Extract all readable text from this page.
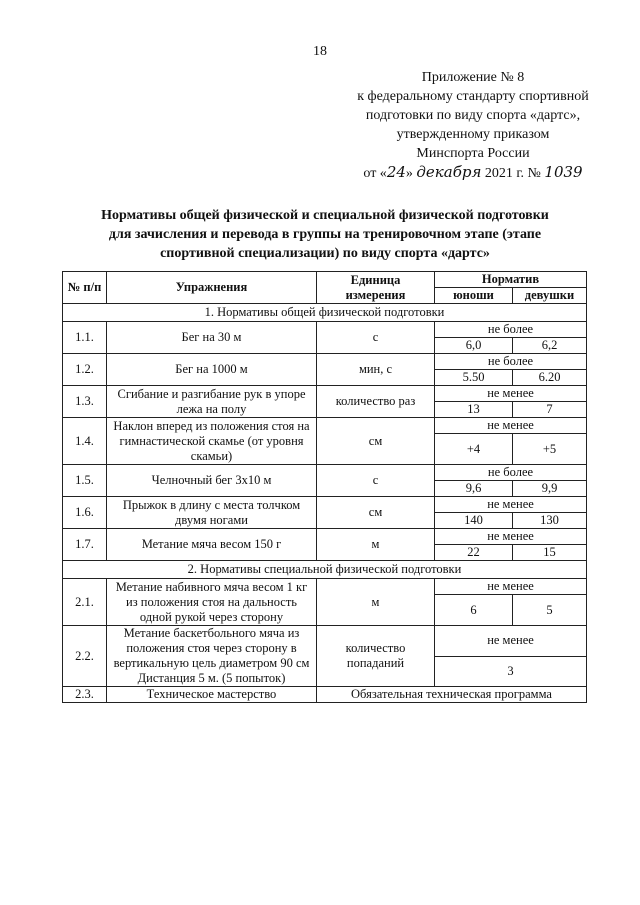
18
Приложение № 8
к федеральному стандарту спортивной
подготовки по виду спорта «дартс»,
утвержденному приказом
Минспорта России
от «24» декабря 2021 г. № 1039
Нормативы общей физической и специальной физической подготовки
для зачисления и перевода в группы на тренировочном этапе (этапе
спортивной специализации) по виду спорта «дартс»
№ п/п	Упражнения	Единица измерения	Норматив	
			юноши	девушки
1. Нормативы общей физической подготовки				
1.1.	Бег на 30 м	с	не более	
			6,0	6,2
1.2.	Бег на 1000 м	мин, с	не более	
			5.50	6.20
1.3.	Сгибание и разгибание рук в упоре лежа на полу	количество раз	не менее	
			13	7
1.4.	Наклон вперед из положения стоя на гимнастической скамье (от уровня скамьи)	см	не менее	
			+4	+5
1.5.	Челночный бег 3х10 м	с	не более	
			9,6	9,9
1.6.	Прыжок в длину с места толчком двумя ногами	см	не менее	
			140	130
1.7.	Метание мяча весом 150 г	м	не менее	
			22	15
2. Нормативы специальной физической подготовки				
2.1.	Метание набивного мяча весом 1 кг из положения стоя на дальность одной рукой через сторону	м	не менее	
			6	5
2.2.	Метание баскетбольного мяча из положения стоя через сторону в вертикальную цель диаметром 90 см Дистанция 5 м. (5 попыток)	количество попаданий	не менее	
			3	
2.3.	Техническое мастерство	Обязательная техническая программа		
